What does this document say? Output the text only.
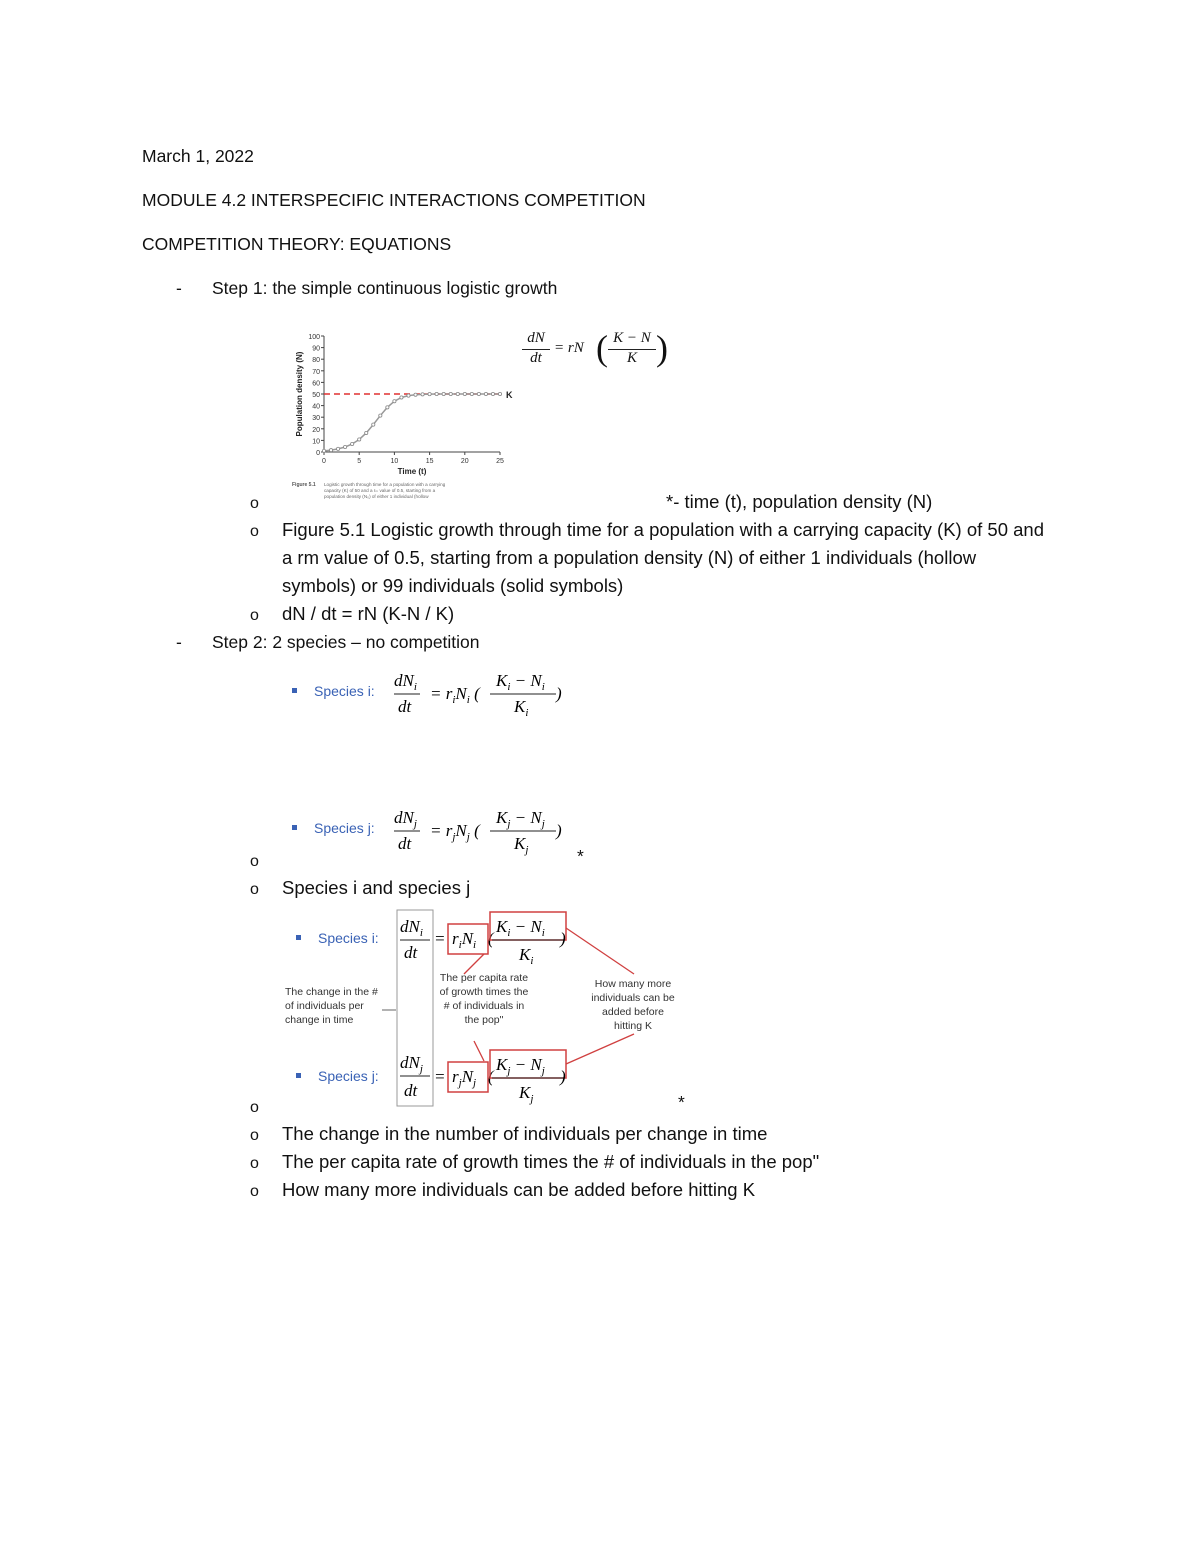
March 1, 2022
MODULE 4.2 INTERSPECIFIC INTERACTIONS COMPETITION
COMPETITION THEORY: EQUATIONS
- Step 1: the simple continuous logistic growth
0
10
20
30
40
50
60
70
80
90
100
0	5	10	15	20	25
Time (t)
Population density (N)	K
Figure 5.1 Logistic growth through time for a population with a carrying
capacity (K) of 50 and a rₘ value of 0.5, starting from a
population density (N₀) of either 1 individual (hollow
dN
dt
= rN ( K − N
K )
o	*- time (t), population density (N)
o Figure 5.1 Logistic growth through time for a population with a carrying capacity (K) of 50 and a rm value of 0.5, starting from a population density (N) of either 1 individuals (hollow symbols) or 99 individuals (solid symbols)
o dN / dt = rN (K-N / K)
- Step 2: 2 species – no competition
Species i:
$dN_i$
dt
= $r_iN_i$ (
$K_i - N_i$
$K_i$
)
Species j:
$dN_j$
dt
= $r_jN_j$ (
$K_j - N_j$
$K_j$
)
o	*
o Species i and species j
Species i:
$dN_i$
dt
= $r_iN_i$ (
$K_i - N_i$
$K_i$
)
Species j:
$dN_j$
dt
= $r_jN_j$ (
$K_j - N_j$
$K_j$
)
The change in the # of individuals per change in time
The per capita rate of growth times the # of individuals in the pop"
How many more individuals can be added before hitting K
o	*
o The change in the number of individuals per change in time
o The per capita rate of growth times the # of individuals in the pop"
o How many more individuals can be added before hitting K
